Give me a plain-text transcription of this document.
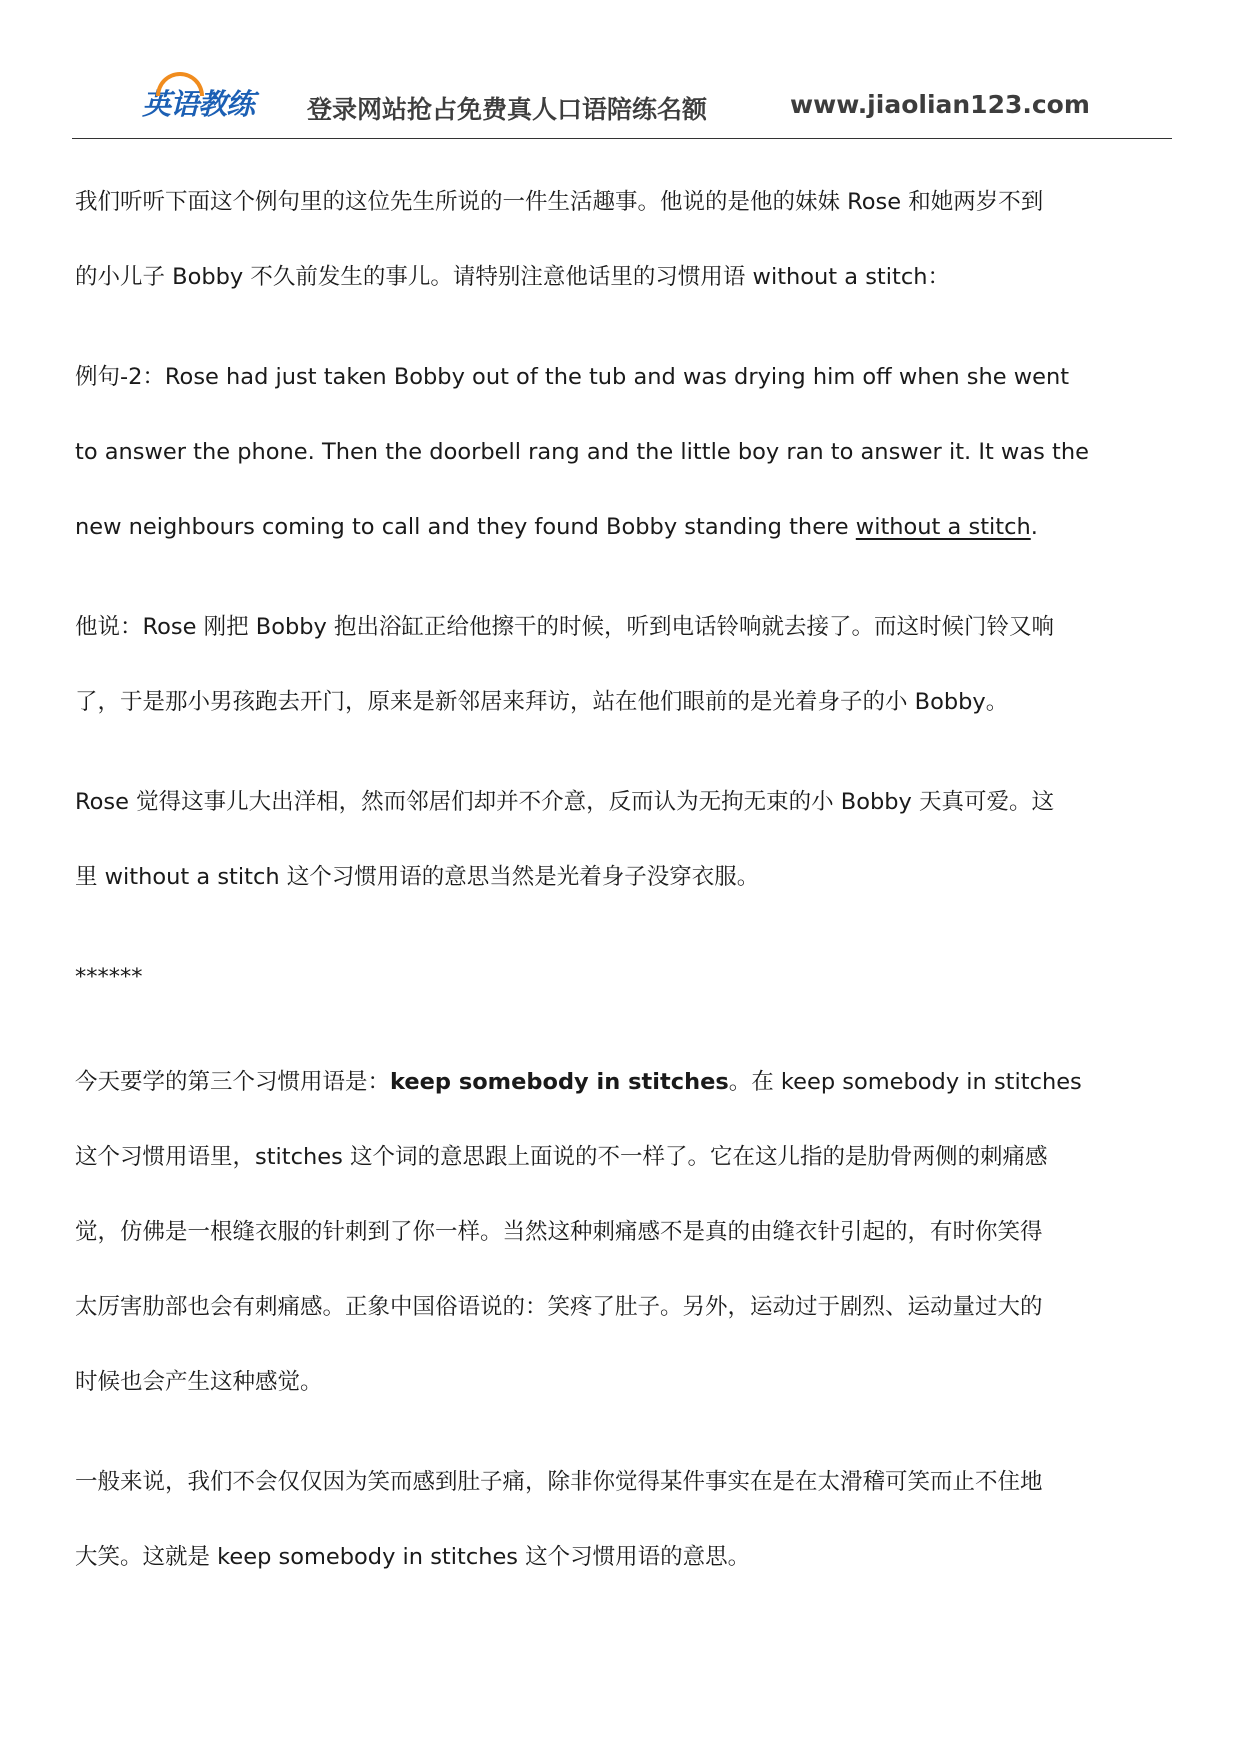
英语教练 登录网站抢占免费真人口语陪练名额	www.jiaolian123.com
我们听听下面这个例句里的这位先生所说的一件生活趣事。他说的是他的妹妹 Rose 和她两岁不到
的小儿子 Bobby 不久前发生的事儿。请特别注意他话里的习惯用语 without a stitch：
例句-2：Rose had just taken Bobby out of the tub and was drying him off when she went
to answer the phone. Then the doorbell rang and the little boy ran to answer it. It was the
new neighbours coming to call and they found Bobby standing there without a stitch.
他说：Rose 刚把 Bobby 抱出浴缸正给他擦干的时候，听到电话铃响就去接了。而这时候门铃又响
了，于是那小男孩跑去开门，原来是新邻居来拜访，站在他们眼前的是光着身子的小 Bobby。
Rose 觉得这事儿大出洋相，然而邻居们却并不介意，反而认为无拘无束的小 Bobby 天真可爱。这
里 without a stitch 这个习惯用语的意思当然是光着身子没穿衣服。
******
今天要学的第三个习惯用语是：keep somebody in stitches。在 keep somebody in stitches
这个习惯用语里，stitches 这个词的意思跟上面说的不一样了。它在这儿指的是肋骨两侧的刺痛感
觉，仿佛是一根缝衣服的针刺到了你一样。当然这种刺痛感不是真的由缝衣针引起的，有时你笑得
太厉害肋部也会有刺痛感。正象中国俗语说的：笑疼了肚子。另外，运动过于剧烈、运动量过大的
时候也会产生这种感觉。
一般来说，我们不会仅仅因为笑而感到肚子痛，除非你觉得某件事实在是在太滑稽可笑而止不住地
大笑。这就是 keep somebody in stitches 这个习惯用语的意思。
